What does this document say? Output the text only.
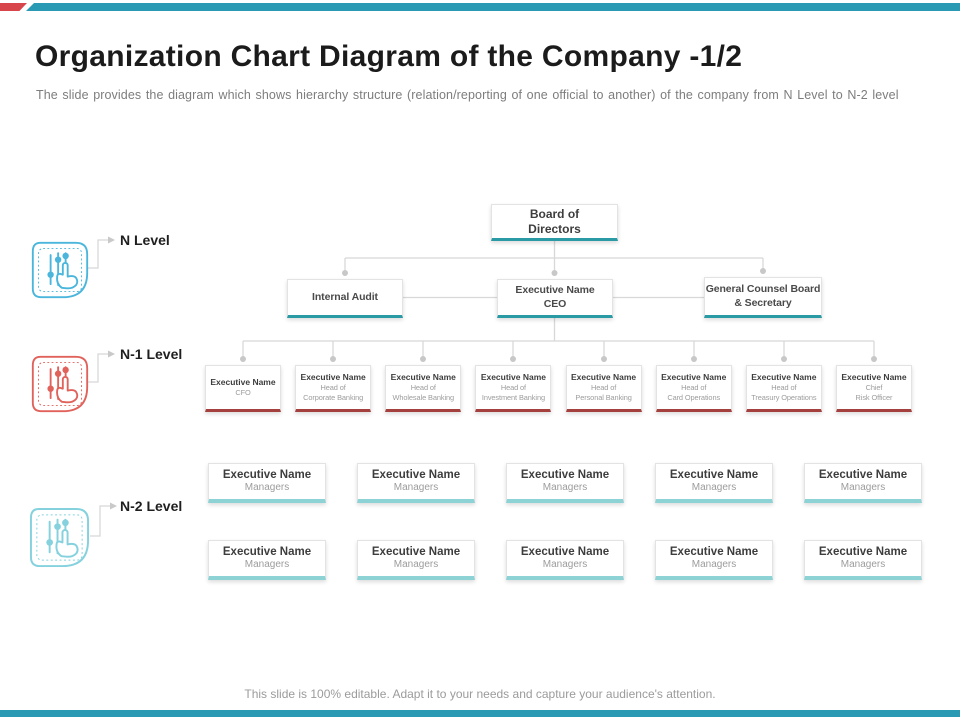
Organization Chart Diagram of the Company -1/2

The slide provides the diagram which shows hierarchy structure (relation/reporting of one official to another) of the company from N Level to N-2 level

Board of
Directors
Internal Audit
Executive Name
CEO
General Counsel Board
& Secretary
Executive Name
CFO
Executive Name
Head of
Corporate Banking
Executive Name
Head of
Wholesale Banking
Executive Name
Head of
Investment Banking
Executive Name
Head of
Personal Banking
Executive Name
Head of
Card Operations
Executive Name
Head of
Treasury Operations
Executive Name
Chief
Risk Officer
Executive Name
Managers
Executive Name
Managers
Executive Name
Managers
Executive Name
Managers
Executive Name
Managers
Executive Name
Managers
Executive Name
Managers
Executive Name
Managers
Executive Name
Managers
Executive Name
Managers
N Level
N-1 Level
N-2 Level

This slide is 100% editable. Adapt it to your needs and capture your audience's attention.
